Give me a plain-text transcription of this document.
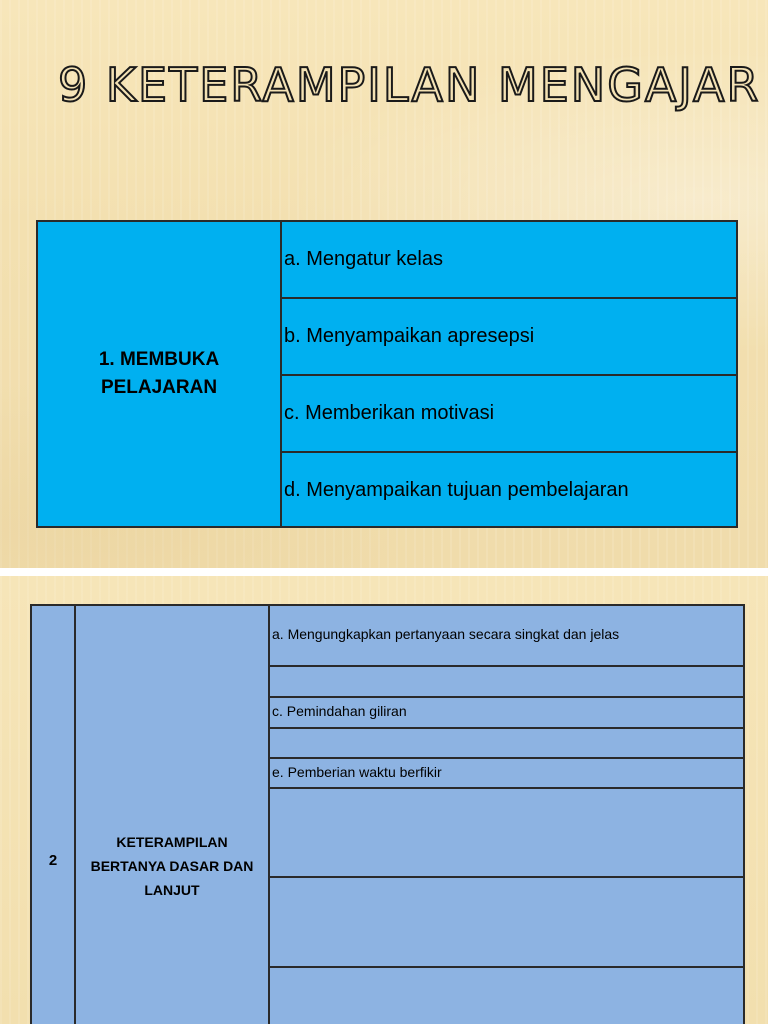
9 KETERAMPILAN MENGAJAR
1. MEMBUKA
PELAJARAN
a. Mengatur kelas
b. Menyampaikan apresepsi
c. Memberikan motivasi
d. Menyampaikan tujuan pembelajaran
2
KETERAMPILAN
BERTANYA DASAR DAN
LANJUT
a. Mengungkapkan pertanyaan secara singkat dan jelas
c. Pemindahan giliran
e. Pemberian waktu berfikir
